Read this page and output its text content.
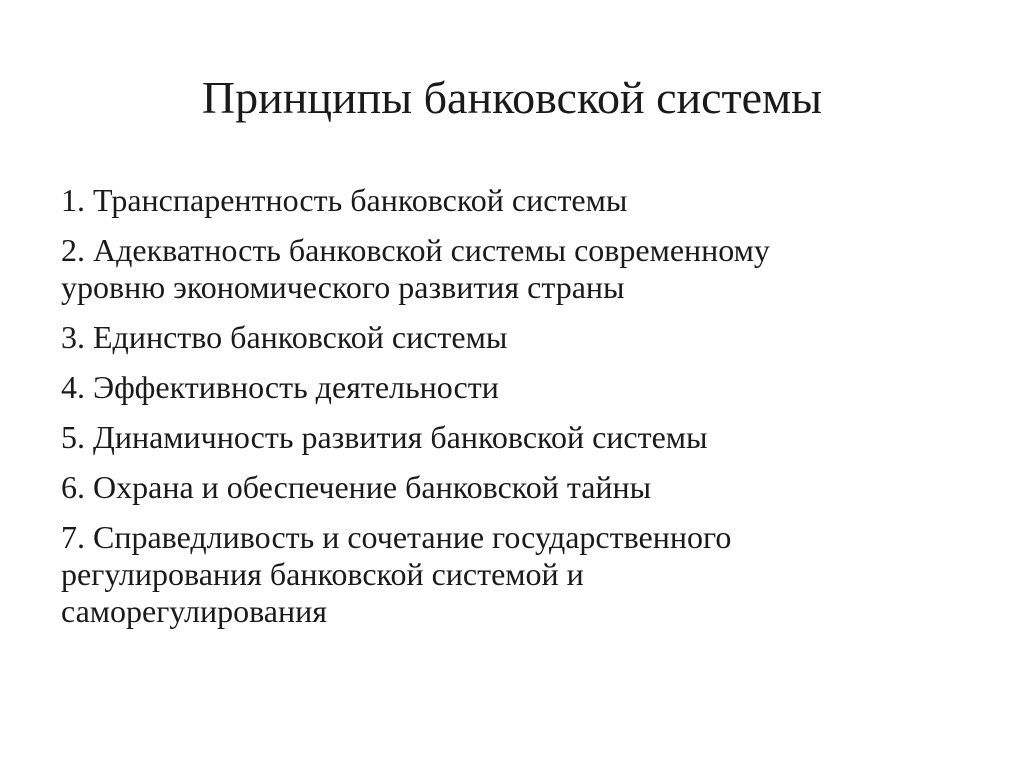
Принципы банковской системы
1. Транспарентность банковской системы
2. Адекватность банковской системы современному
уровню экономического развития страны
3. Единство банковской системы
4. Эффективность деятельности
5. Динамичность развития банковской системы
6. Охрана и обеспечение банковской тайны
7. Справедливость и сочетание государственного
регулирования банковской системой и
саморегулирования
